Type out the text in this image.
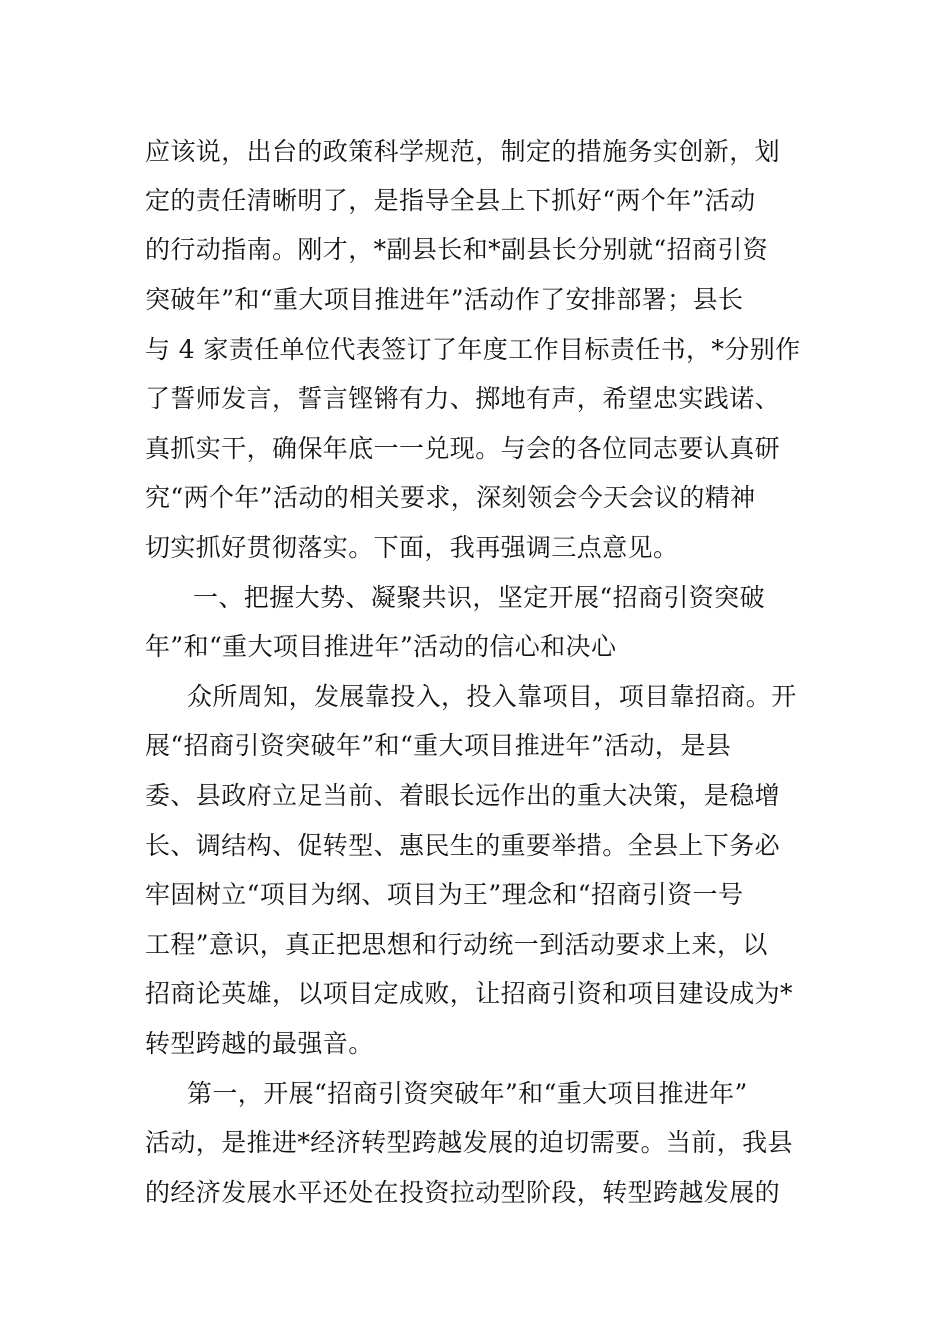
应该说，出台的政策科学规范，制定的措施务实创新，划
定的责任清晰明了，是指导全县上下抓好“两个年”活动
的行动指南。刚才，*副县长和*副县长分别就“招商引资
突破年”和“重大项目推进年”活动作了安排部署；县长
与 4 家责任单位代表签订了年度工作目标责任书，*分别作
了誓师发言，誓言铿锵有力、掷地有声，希望忠实践诺、
真抓实干，确保年底一一兑现。与会的各位同志要认真研
究“两个年”活动的相关要求，深刻领会今天会议的精神
切实抓好贯彻落实。下面，我再强调三点意见。
一、把握大势、凝聚共识，坚定开展“招商引资突破
年”和“重大项目推进年”活动的信心和决心
众所周知，发展靠投入，投入靠项目，项目靠招商。开
展“招商引资突破年”和“重大项目推进年”活动，是县
委、县政府立足当前、着眼长远作出的重大决策，是稳增
长、调结构、促转型、惠民生的重要举措。全县上下务必
牢固树立“项目为纲、项目为王”理念和“招商引资一号
工程”意识，真正把思想和行动统一到活动要求上来，以
招商论英雄，以项目定成败，让招商引资和项目建设成为*
转型跨越的最强音。
第一，开展“招商引资突破年”和“重大项目推进年”
活动，是推进*经济转型跨越发展的迫切需要。当前，我县
的经济发展水平还处在投资拉动型阶段，转型跨越发展的
